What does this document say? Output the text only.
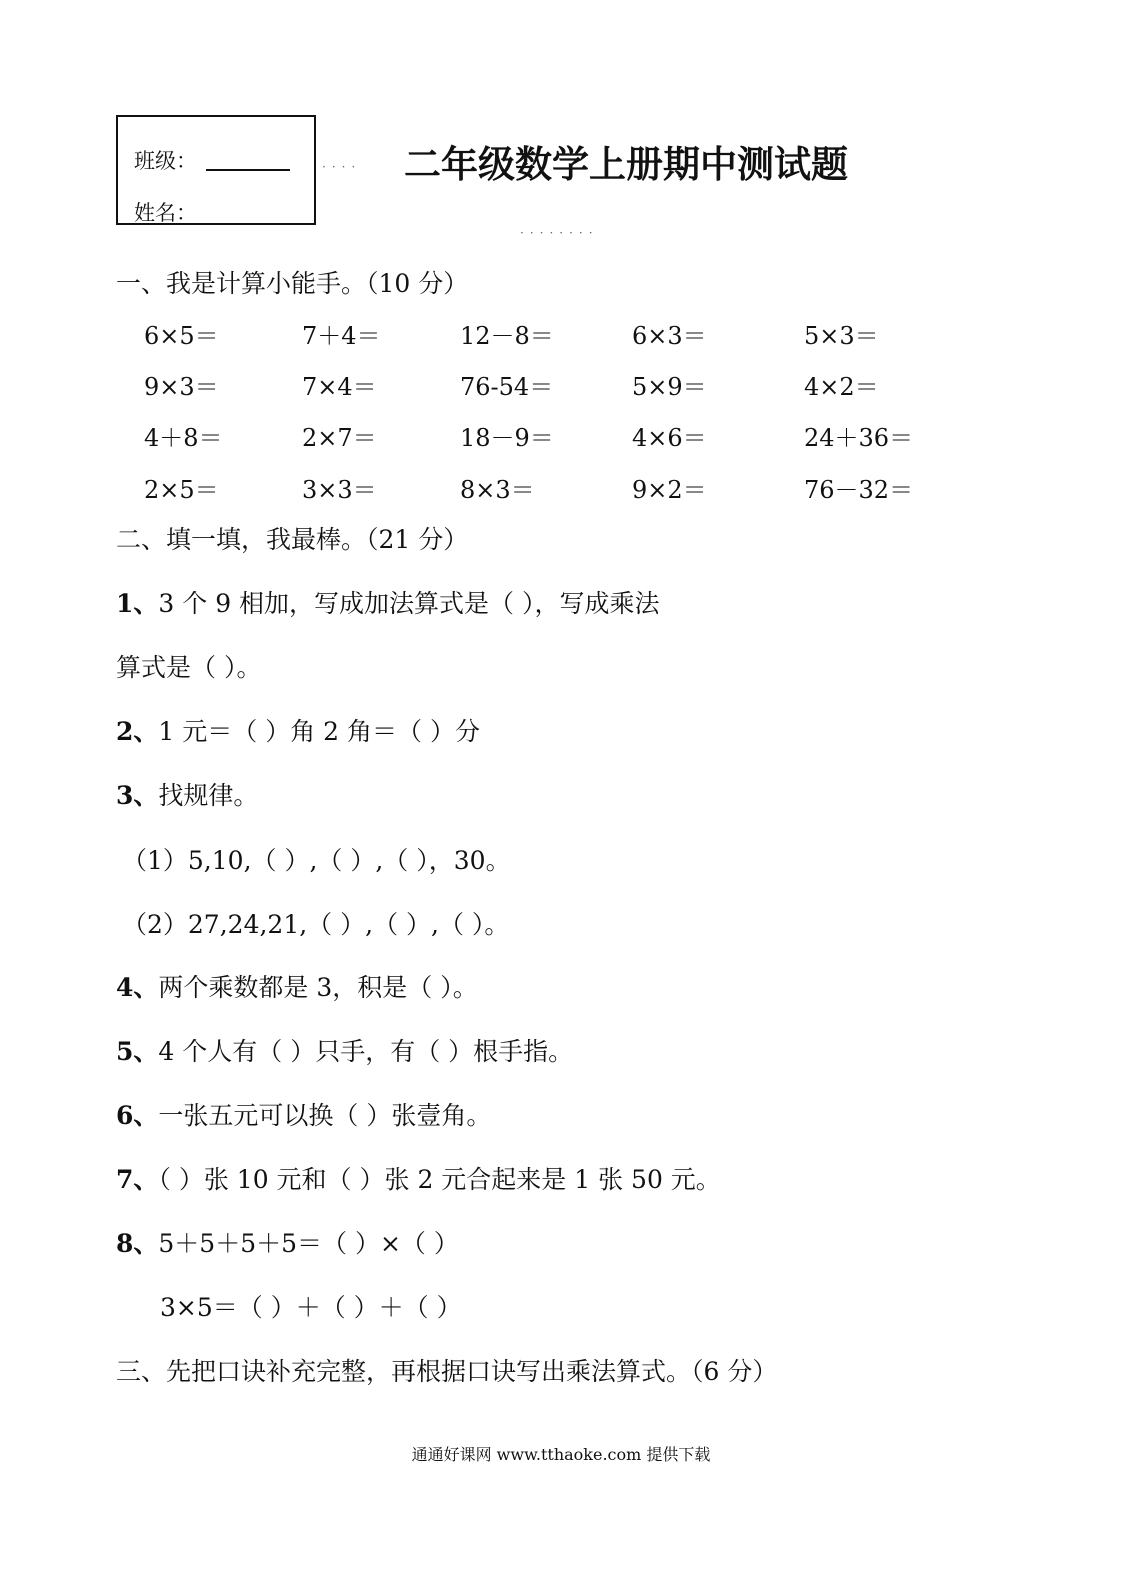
班级：
姓名：
···· 二年级数学上册期中测试题
········
一、我是计算小能手。（10 分）
6×5＝	7＋4＝	12－8＝	6×3＝	5×3＝
9×3＝	7×4＝	76-54＝	5×9＝	4×2＝
4＋8＝	2×7＝	18－9＝	4×6＝	24＋36＝
2×5＝	3×3＝	8×3＝	9×2＝	76－32＝
二、填一填，我最棒。（21 分）
1、3 个 9 相加，写成加法算式是（ ），写成乘法
算式是（ ）。
2、1 元＝（ ）角 2 角＝（ ）分
3、找规律。
（1）5,10,（ ）,（ ）,（ ），30。
（2）27,24,21,（ ）,（ ）,（ ）。
4、两个乘数都是 3，积是（ ）。
5、4 个人有（ ）只手，有（ ）根手指。
6、一张五元可以换（ ）张壹角。
7、（ ）张 10 元和（ ）张 2 元合起来是 1 张 50 元。
8、5＋5＋5＋5＝（ ）×（ ）
3×5＝（ ）＋（ ）＋（ ）
三、先把口诀补充完整，再根据口诀写出乘法算式。（6 分）
通通好课网 www.tthaoke.com 提供下载
